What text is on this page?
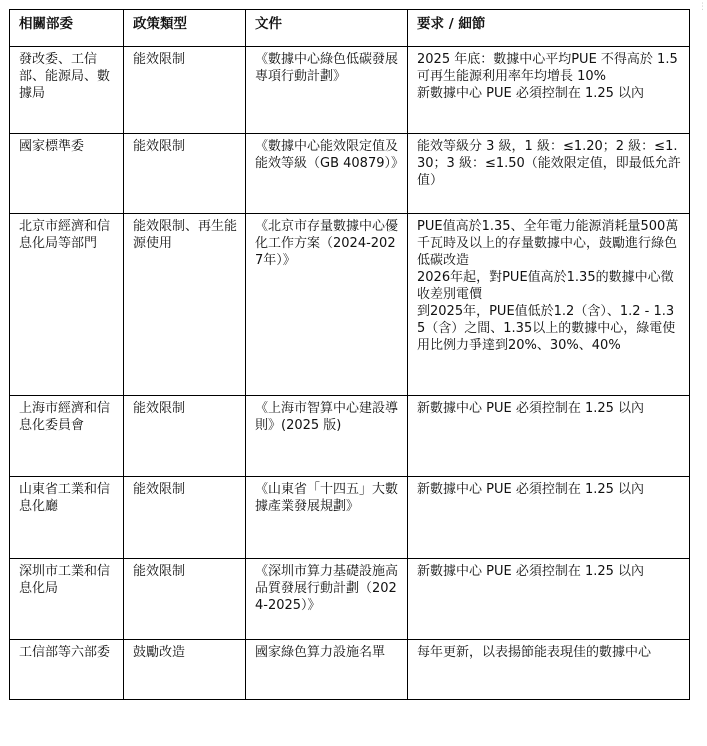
相關部委	政策類型	文件	要求 / 細節
發改委、工信部、能源局、數據局	能效限制	《數據中心綠色低碳發展專項行動計劃》	2025 年底：數據中心平均PUE 不得高於 1.5
可再生能源利用率年均增長 10%
新數據中心 PUE 必須控制在 1.25 以內

國家標準委	能效限制	《數據中心能效限定值及能效等級（GB 40879）》	能效等級分 3 級，1 級：≤1.20；2 級：≤1.30；3 級：≤1.50（能效限定值，即最低允許值）

北京市經濟和信息化局等部門	能效限制、再生能源使用	《北京市存量數據中心優化工作方案（2024-2027年）》	PUE值高於1.35、全年電力能源消耗量500萬千瓦時及以上的存量數據中心，鼓勵進行綠色低碳改造
2026年起，對PUE值高於1.35的數據中心徵收差別電價
到2025年，PUE值低於1.2（含）、1.2 - 1.35（含）之間、1.35以上的數據中心，綠電使用比例力爭達到20%、30%、40%

上海市經濟和信息化委員會	能效限制	《上海市智算中心建設導則》(2025 版)	新數據中心 PUE 必須控制在 1.25 以內

山東省工業和信息化廳	能效限制	《山東省「十四五」大數據產業發展規劃》	新數據中心 PUE 必須控制在 1.25 以內

深圳市工業和信息化局	能效限制	《深圳市算力基礎設施高品質發展行動計劃（2024-2025）》	新數據中心 PUE 必須控制在 1.25 以內

工信部等六部委	鼓勵改造	國家綠色算力設施名單	每年更新，以表揚節能表現佳的數據中心
⋮
